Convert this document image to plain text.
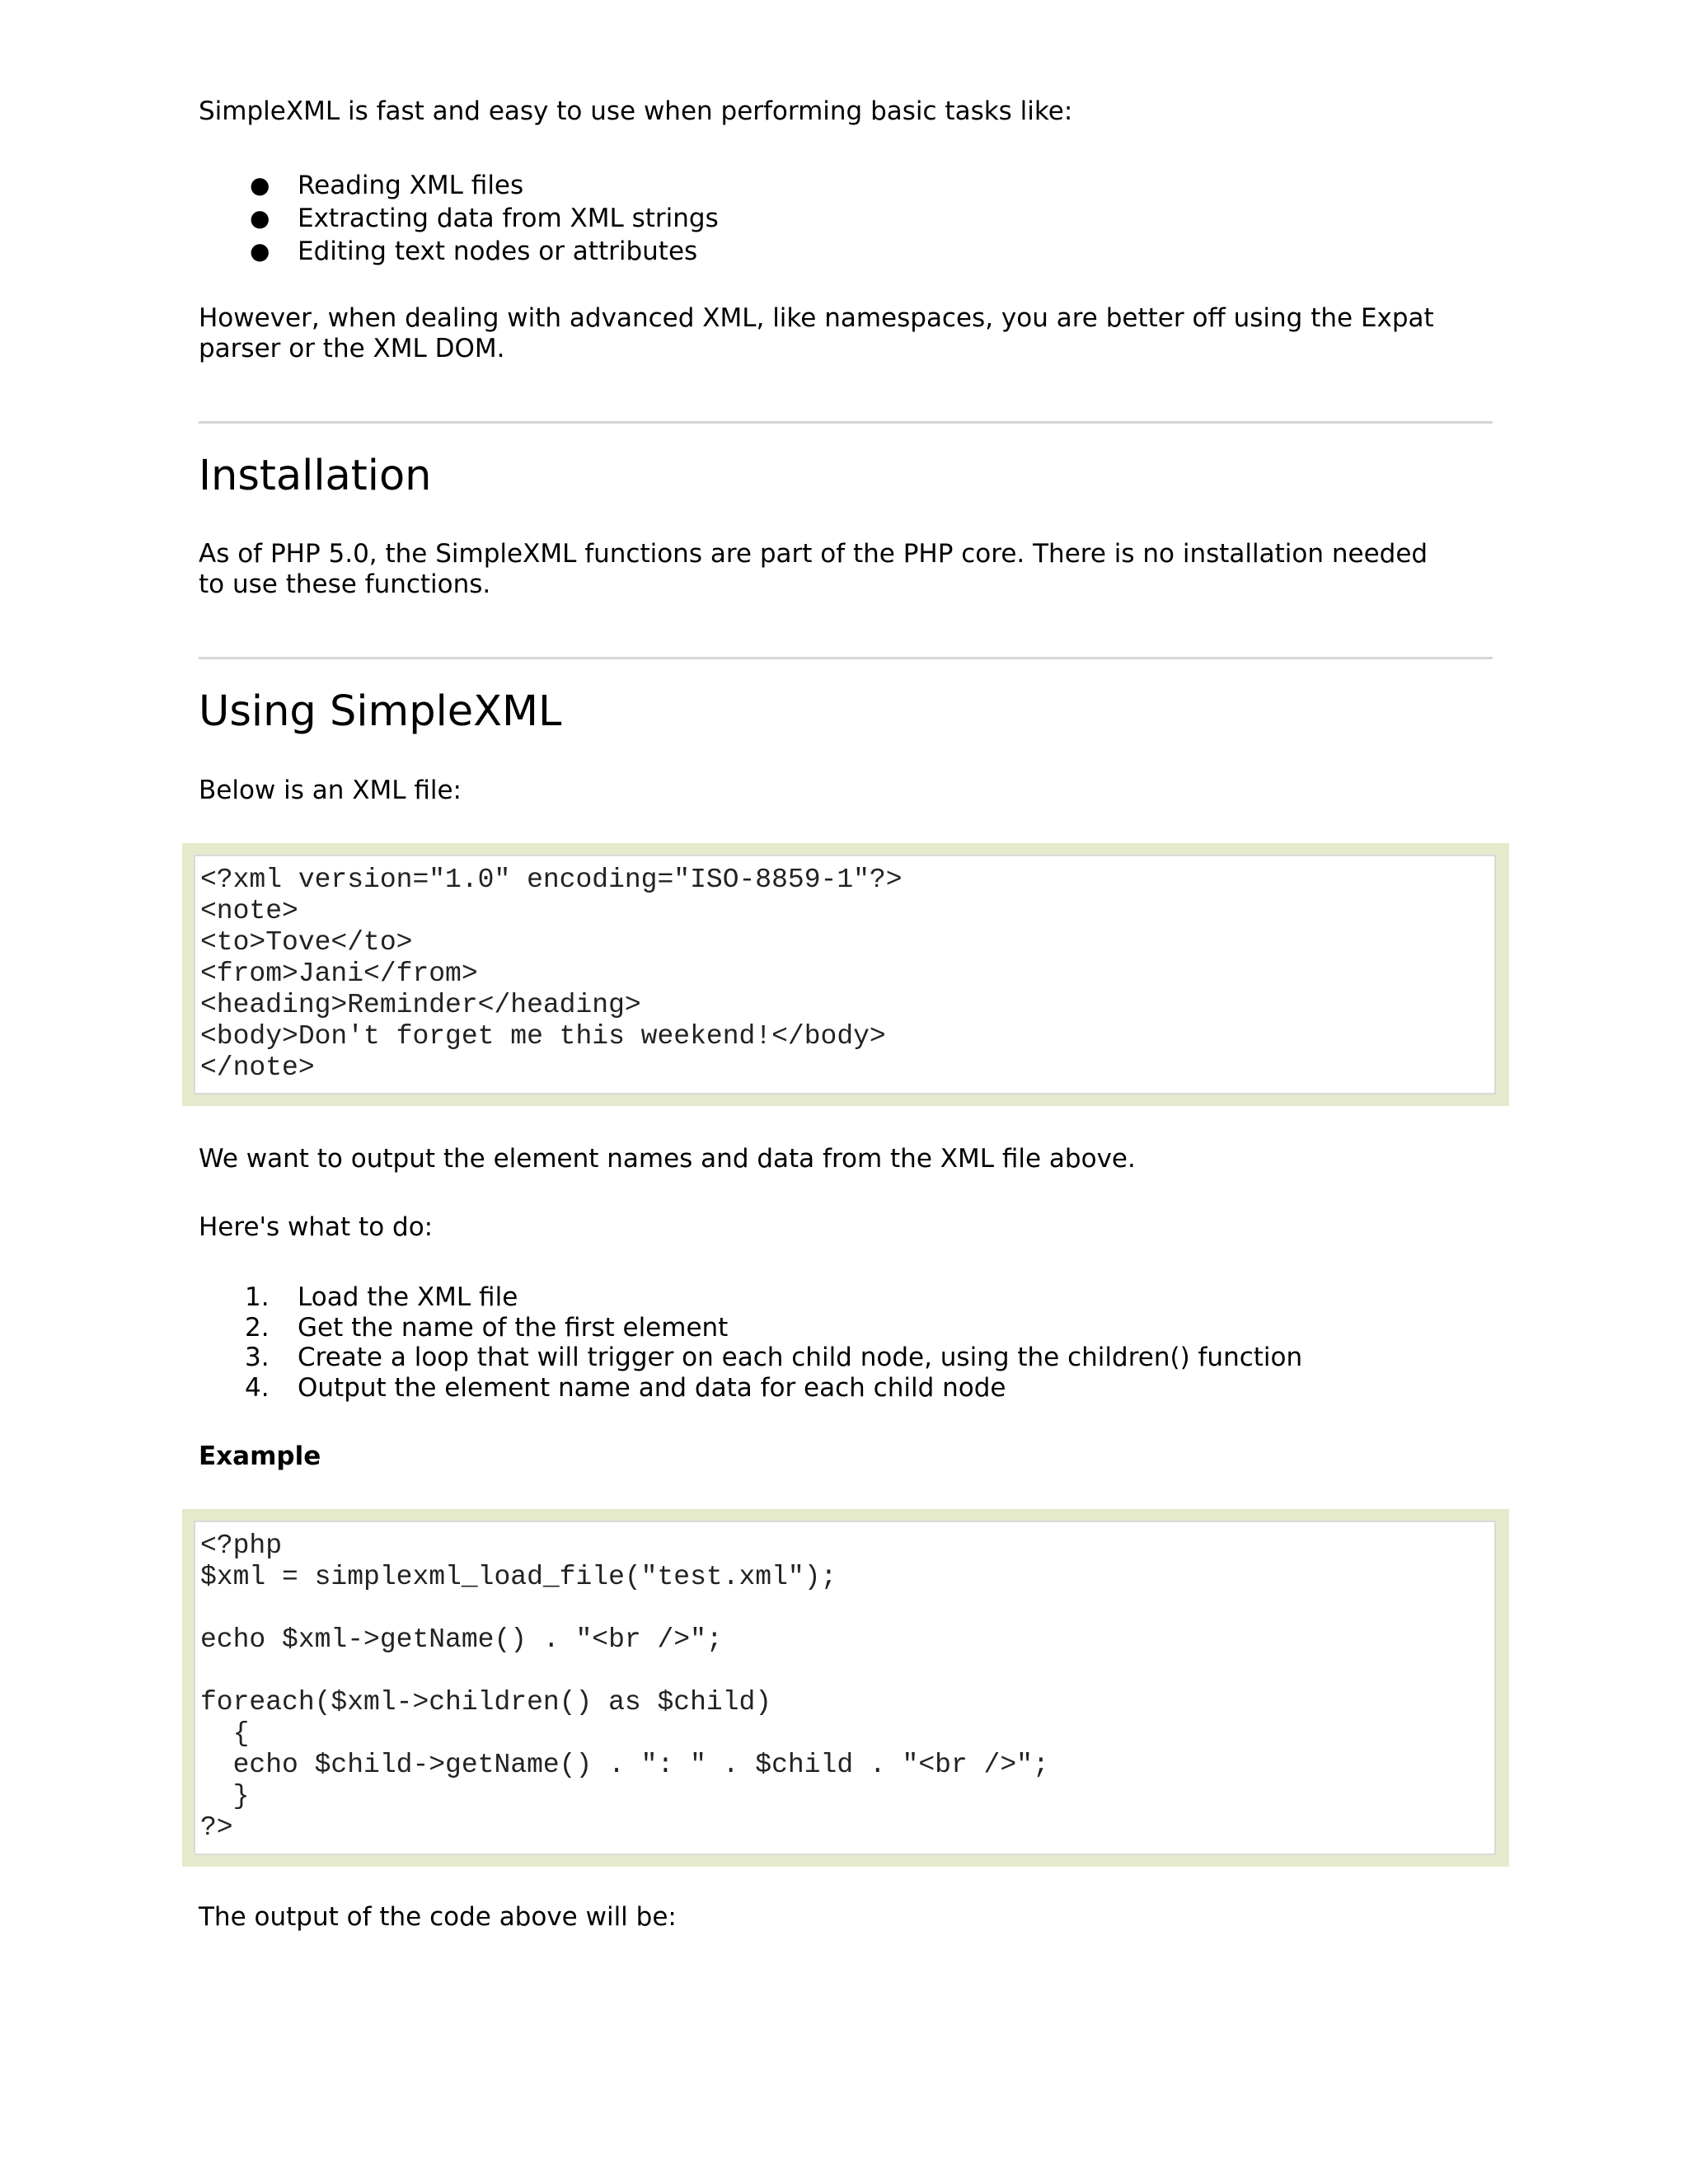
SimpleXML is fast and easy to use when performing basic tasks like:

● Reading XML files
● Extracting data from XML strings
● Editing text nodes or attributes

However, when dealing with advanced XML, like namespaces, you are better off using the Expat parser or the XML DOM.

Installation

As of PHP 5.0, the SimpleXML functions are part of the PHP core. There is no installation needed to use these functions.

Using SimpleXML

Below is an XML file:

<?xml version="1.0" encoding="ISO-8859-1"?>
<note>
<to>Tove</to>
<from>Jani</from>
<heading>Reminder</heading>
<body>Don't forget me this weekend!</body>
</note>

We want to output the element names and data from the XML file above.

Here's what to do:

1. Load the XML file
2. Get the name of the first element
3. Create a loop that will trigger on each child node, using the children() function
4. Output the element name and data for each child node

Example

<?php
$xml = simplexml_load_file("test.xml");
echo $xml->getName() . "<br />";
foreach($xml->children() as $child)
{
echo $child->getName() . ": " . $child . "<br />";
}
?>

The output of the code above will be:
